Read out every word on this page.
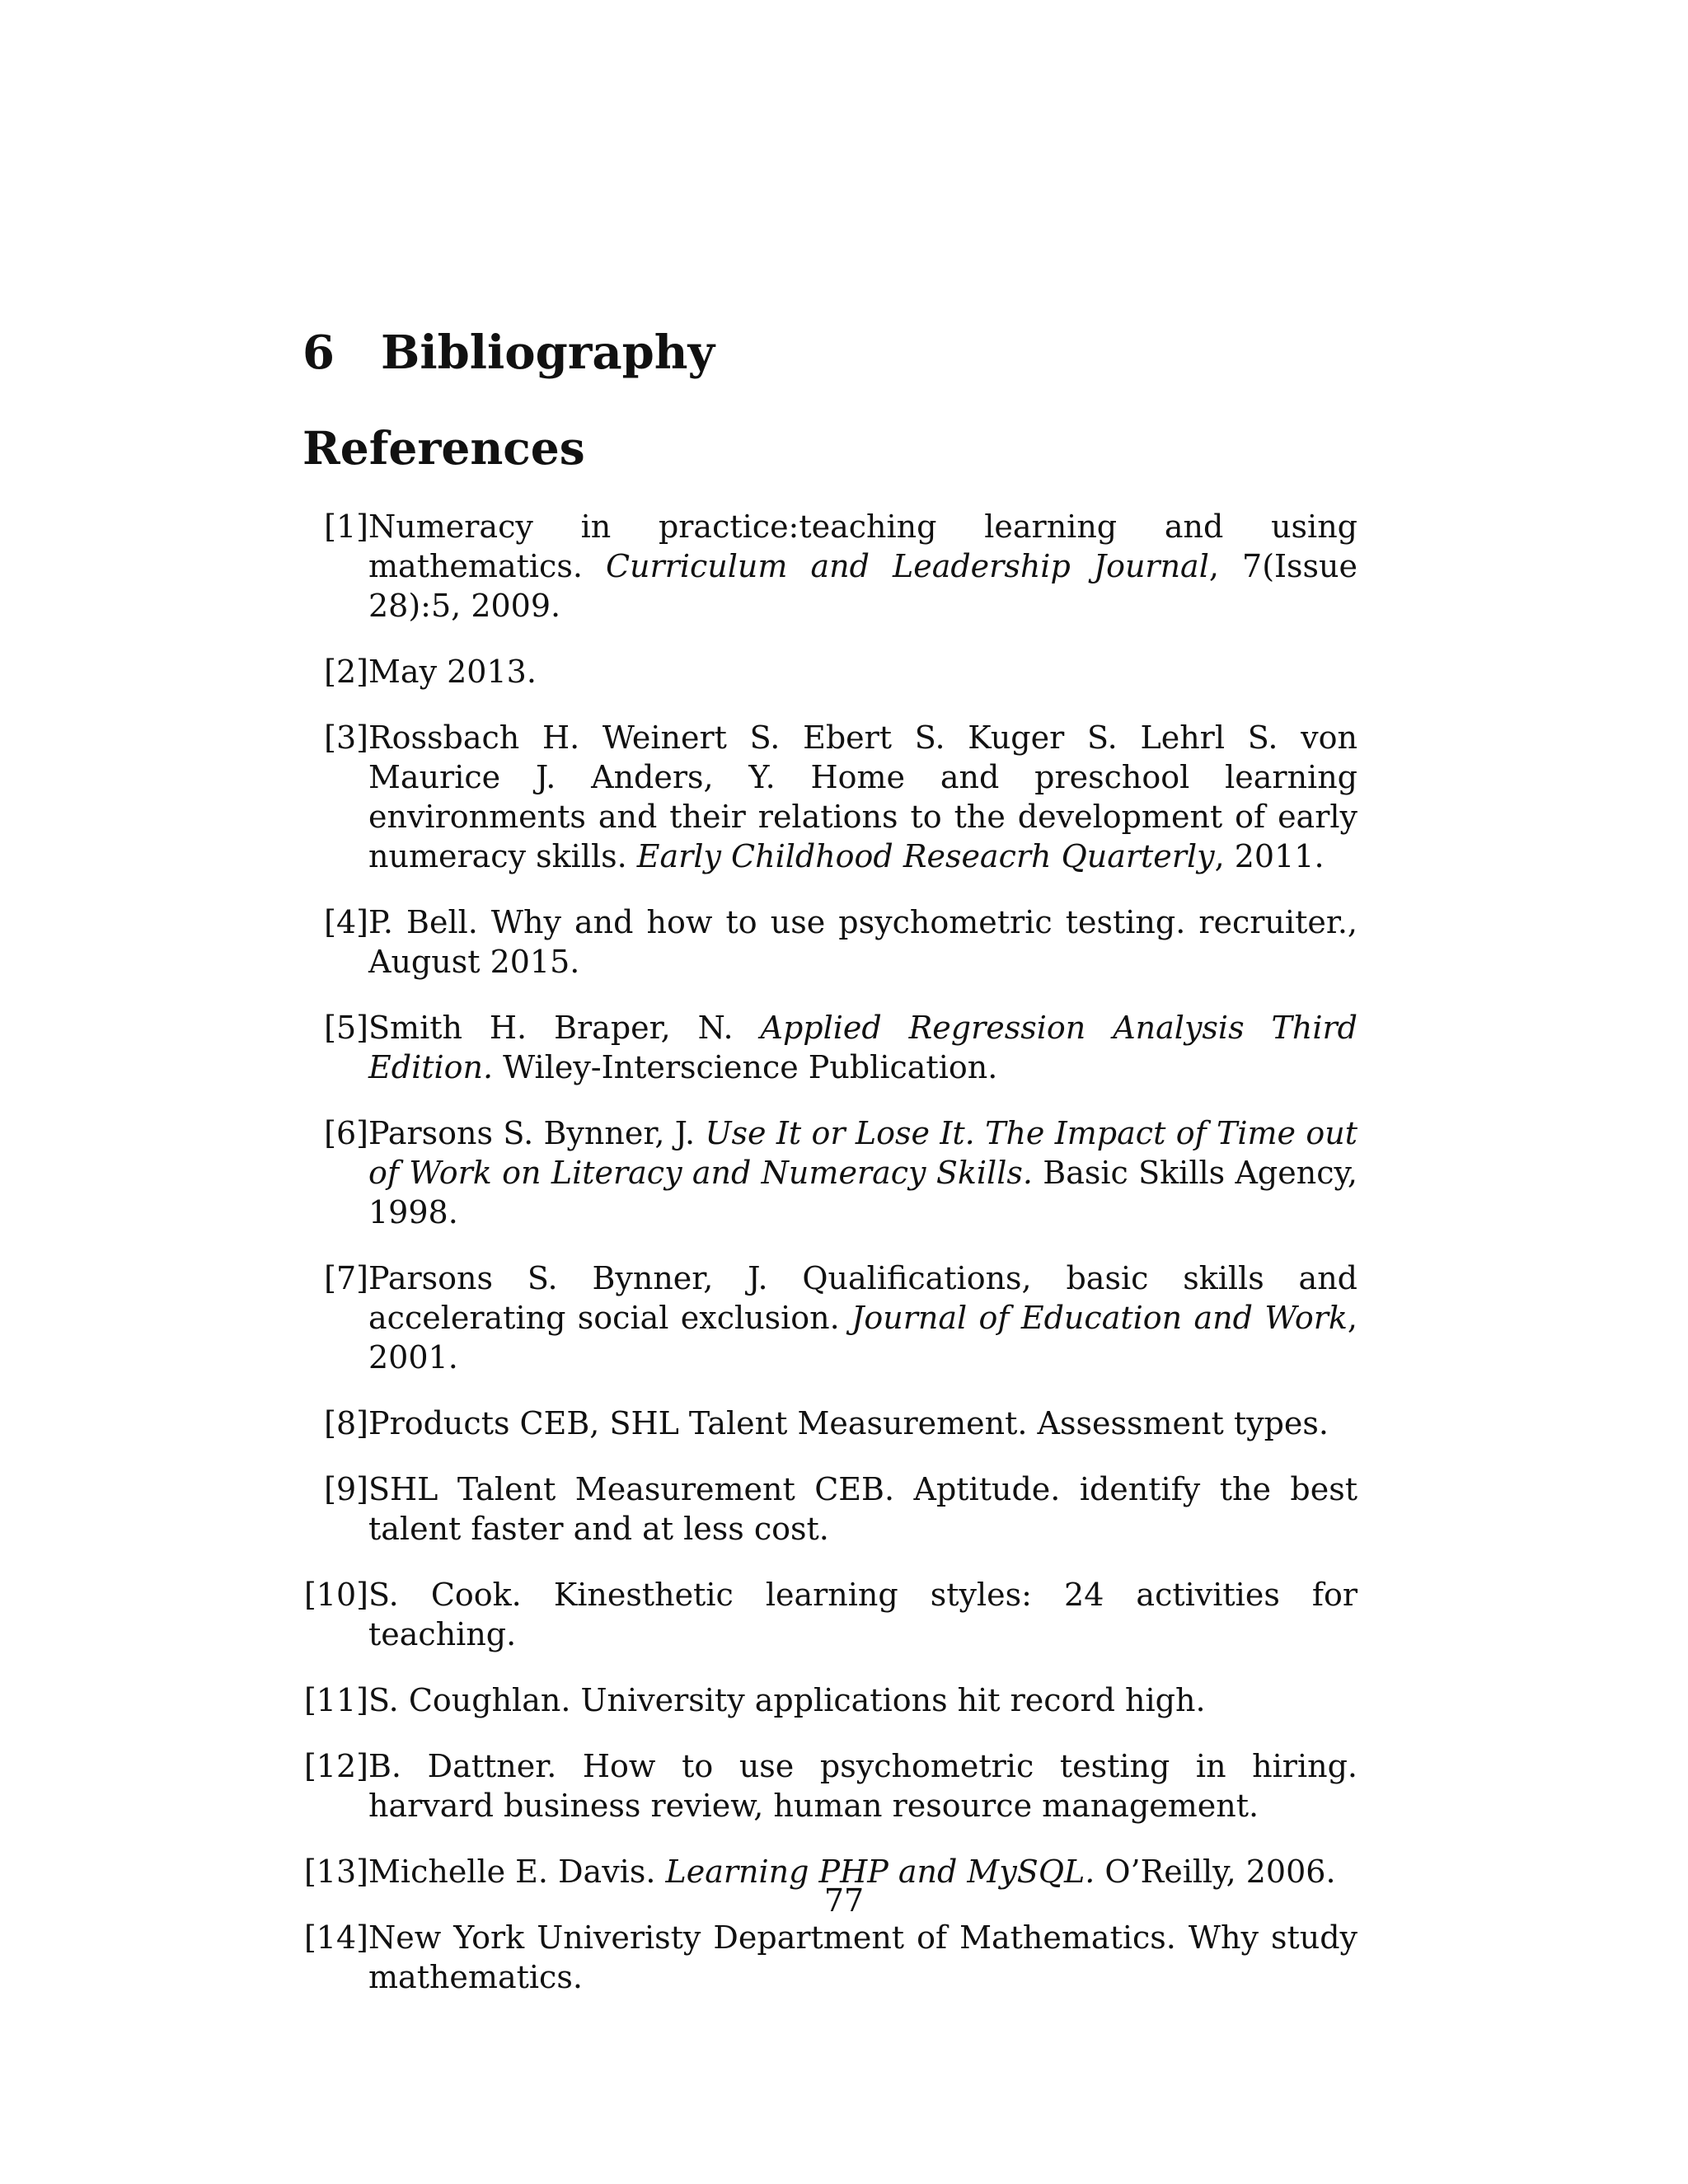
6 Bibliography
References
[1] Numeracy in practice:teaching learning and using mathematics. Curriculum and Leadership Journal, 7(Issue 28):5, 2009.
[2] May 2013.
[3] Rossbach H. Weinert S. Ebert S. Kuger S. Lehrl S. von Maurice J. Anders, Y. Home and preschool learning environments and their relations to the development of early numeracy skills. Early Childhood Reseacrh Quarterly, 2011.
[4] P. Bell. Why and how to use psychometric testing. recruiter., August 2015.
[5] Smith H. Braper, N. Applied Regression Analysis Third Edition. Wiley-Interscience Publication.
[6] Parsons S. Bynner, J. Use It or Lose It. The Impact of Time out of Work on Literacy and Numeracy Skills. Basic Skills Agency, 1998.
[7] Parsons S. Bynner, J. Qualifications, basic skills and accelerating social exclusion. Journal of Education and Work, 2001.
[8] Products CEB, SHL Talent Measurement. Assessment types.
[9] SHL Talent Measurement CEB. Aptitude. identify the best talent faster and at less cost.
[10] S. Cook. Kinesthetic learning styles: 24 activities for teaching.
[11] S. Coughlan. University applications hit record high.
[12] B. Dattner. How to use psychometric testing in hiring. harvard business review, human resource management.
[13] Michelle E. Davis. Learning PHP and MySQL. O’Reilly, 2006.
[14] New York Univeristy Department of Mathematics. Why study mathematics.
77
